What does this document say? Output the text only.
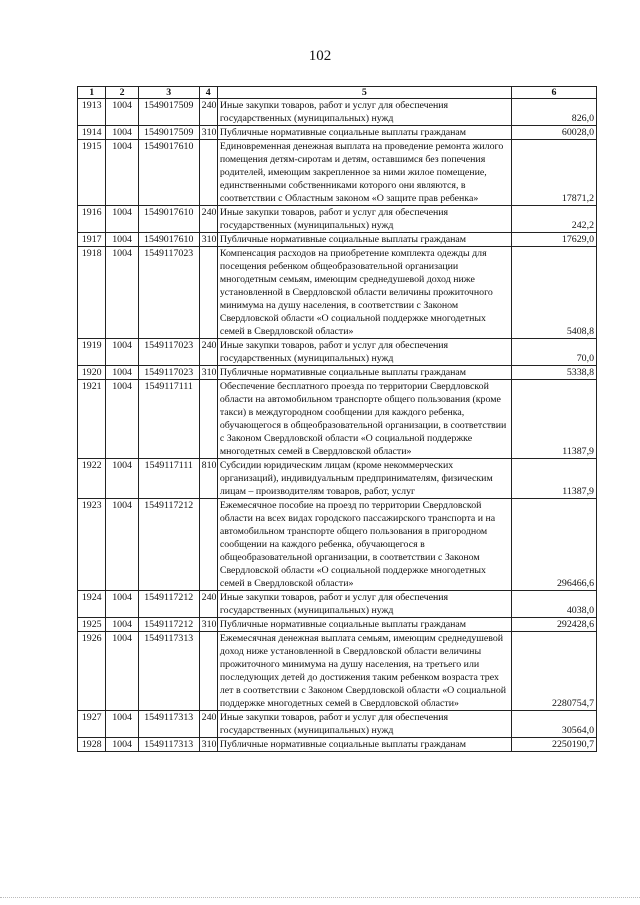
102
1	2	3	4	5	6
1913	1004	1549017509	240	Иные закупки товаров, работ и услуг для обеспечения государственных (муниципальных) нужд	826,0
1914	1004	1549017509	310	Публичные нормативные социальные выплаты гражданам	60028,0
1915	1004	1549017610		Единовременная денежная выплата на проведение ремонта жилого помещения детям-сиротам и детям, оставшимся без попечения родителей, имеющим закрепленное за ними жилое помещение, единственными собственниками которого они являются, в соответствии с Областным законом «О защите прав ребенка»	17871,2
1916	1004	1549017610	240	Иные закупки товаров, работ и услуг для обеспечения государственных (муниципальных) нужд	242,2
1917	1004	1549017610	310	Публичные нормативные социальные выплаты гражданам	17629,0
1918	1004	1549117023		Компенсация расходов на приобретение комплекта одежды для посещения ребенком общеобразовательной организации многодетным семьям, имеющим среднедушевой доход ниже установленной в Свердловской области величины прожиточного минимума на душу населения, в соответствии с Законом Свердловской области «О социальной поддержке многодетных семей в Свердловской области»	5408,8
1919	1004	1549117023	240	Иные закупки товаров, работ и услуг для обеспечения государственных (муниципальных) нужд	70,0
1920	1004	1549117023	310	Публичные нормативные социальные выплаты гражданам	5338,8
1921	1004	1549117111		Обеспечение бесплатного проезда по территории Свердловской области на автомобильном транспорте общего пользования (кроме такси) в междугородном сообщении для каждого ребенка, обучающегося в общеобразовательной организации, в соответствии с Законом Свердловской области «О социальной поддержке многодетных семей в Свердловской области»	11387,9
1922	1004	1549117111	810	Субсидии юридическим лицам (кроме некоммерческих организаций), индивидуальным предпринимателям, физическим лицам – производителям товаров, работ, услуг	11387,9
1923	1004	1549117212		Ежемесячное пособие на проезд по территории Свердловской области на всех видах городского пассажирского транспорта и на автомобильном транспорте общего пользования в пригородном сообщении на каждого ребенка, обучающегося в общеобразовательной организации, в соответствии с Законом Свердловской области «О социальной поддержке многодетных семей в Свердловской области»	296466,6
1924	1004	1549117212	240	Иные закупки товаров, работ и услуг для обеспечения государственных (муниципальных) нужд	4038,0
1925	1004	1549117212	310	Публичные нормативные социальные выплаты гражданам	292428,6
1926	1004	1549117313		Ежемесячная денежная выплата семьям, имеющим среднедушевой доход ниже установленной в Свердловской области величины прожиточного минимума на душу населения, на третьего или последующих детей до достижения таким ребенком возраста трех лет в соответствии с Законом Свердловской области «О социальной поддержке многодетных семей в Свердловской области»	2280754,7
1927	1004	1549117313	240	Иные закупки товаров, работ и услуг для обеспечения государственных (муниципальных) нужд	30564,0
1928	1004	1549117313	310	Публичные нормативные социальные выплаты гражданам	2250190,7
